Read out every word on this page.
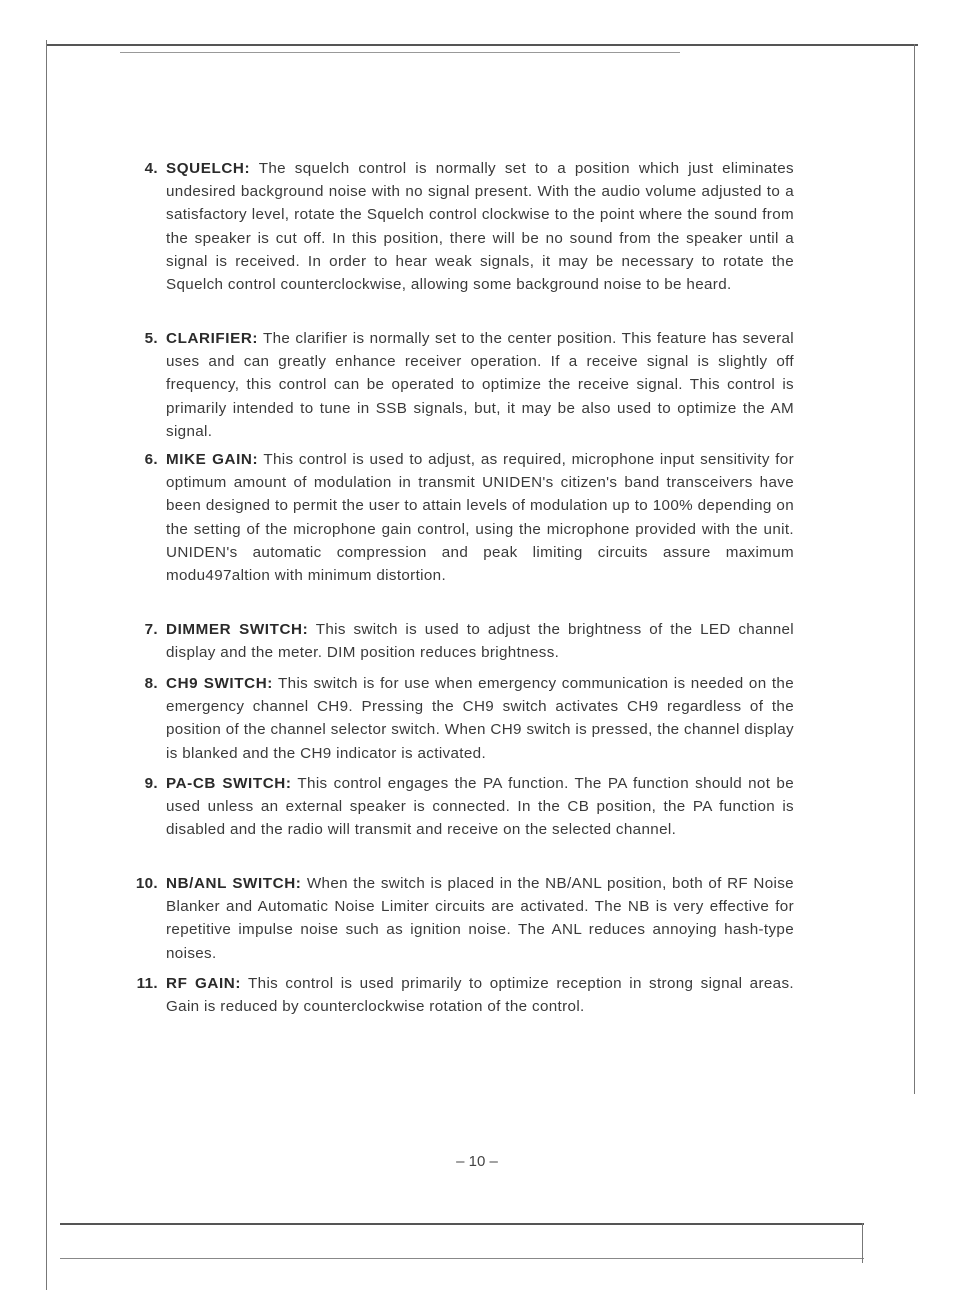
4. SQUELCH: The squelch control is normally set to a position which just eliminates undesired background noise with no signal present. With the audio volume adjusted to a satisfactory level, rotate the Squelch control clockwise to the point where the sound from the speaker is cut off. In this position, there will be no sound from the speaker until a signal is received. In order to hear weak signals, it may be necessary to rotate the Squelch control counterclockwise, allowing some background noise to be heard.
5. CLARIFIER: The clarifier is normally set to the center position. This feature has several uses and can greatly enhance receiver operation. If a receive signal is slightly off frequency, this control can be operated to optimize the receive signal. This control is primarily intended to tune in SSB signals, but, it may be also used to optimize the AM signal.
6. MIKE GAIN: This control is used to adjust, as required, microphone input sensitivity for optimum amount of modulation in transmit UNIDEN's citizen's band transceivers have been designed to permit the user to attain levels of modulation up to 100% depending on the setting of the microphone gain control, using the microphone provided with the unit. UNIDEN's automatic compression and peak limiting circuits assure maximum modu497altion with minimum distortion.
7. DIMMER SWITCH: This switch is used to adjust the brightness of the LED channel display and the meter. DIM position reduces brightness.
8. CH9 SWITCH: This switch is for use when emergency communication is needed on the emergency channel CH9. Pressing the CH9 switch activates CH9 regardless of the position of the channel selector switch. When CH9 switch is pressed, the channel display is blanked and the CH9 indicator is activated.
9. PA-CB SWITCH: This control engages the PA function. The PA function should not be used unless an external speaker is connected. In the CB position, the PA function is disabled and the radio will transmit and receive on the selected channel.
10. NB/ANL SWITCH: When the switch is placed in the NB/ANL position, both of RF Noise Blanker and Automatic Noise Limiter circuits are activated. The NB is very effective for repetitive impulse noise such as ignition noise. The ANL reduces annoying hash-type noises.
11. RF GAIN: This control is used primarily to optimize reception in strong signal areas. Gain is reduced by counterclockwise rotation of the control.
– 10 –
